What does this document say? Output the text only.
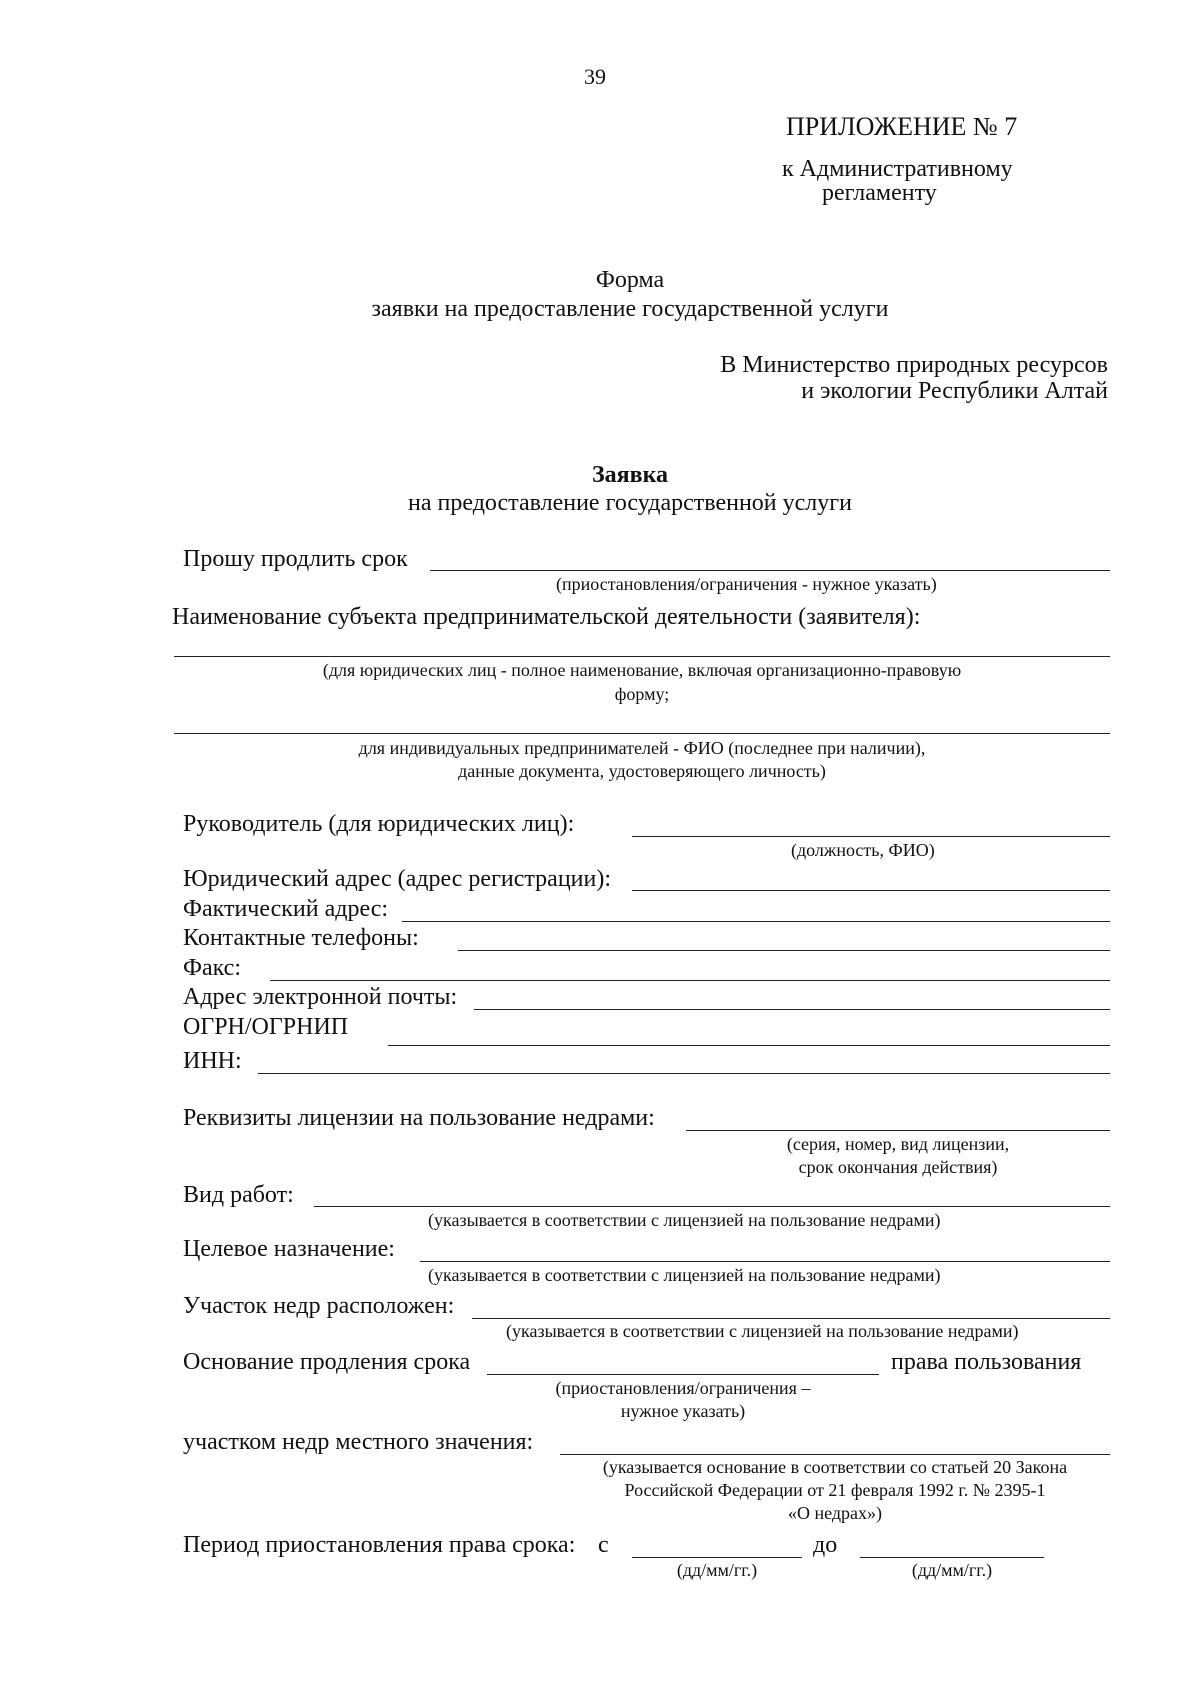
39
ПРИЛОЖЕНИЕ № 7
к Административному
регламенту
Форма
заявки на предоставление государственной услуги
В Министерство природных ресурсов
и экологии Республики Алтай
Заявка
на предоставление государственной услуги
Прошу продлить срок
(приостановления/ограничения - нужное указать)
Наименование субъекта предпринимательской деятельности (заявителя):
(для юридических лиц - полное наименование, включая организационно-правовую
форму;
для индивидуальных предпринимателей - ФИО (последнее при наличии),
данные документа, удостоверяющего личность)
Руководитель (для юридических лиц):
(должность, ФИО)
Юридический адрес (адрес регистрации):
Фактический адрес:
Контактные телефоны:
Факс:
Адрес электронной почты:
ОГРН/ОГРНИП
ИНН:
Реквизиты лицензии на пользование недрами:
(серия, номер, вид лицензии,
срок окончания действия)
Вид работ:
(указывается в соответствии с лицензией на пользование недрами)
Целевое назначение:
(указывается в соответствии с лицензией на пользование недрами)
Участок недр расположен:
(указывается в соответствии с лицензией на пользование недрами)
Основание продления срока	права пользования
(приостановления/ограничения –
нужное указать)
участком недр местного значения:
(указывается основание в соответствии со статьей 20 Закона
Российской Федерации от 21 февраля 1992 г. № 2395-1
«О недрах»)
Период приостановления права срока: с
(дд/мм/гг.)
до
(дд/мм/гг.)
